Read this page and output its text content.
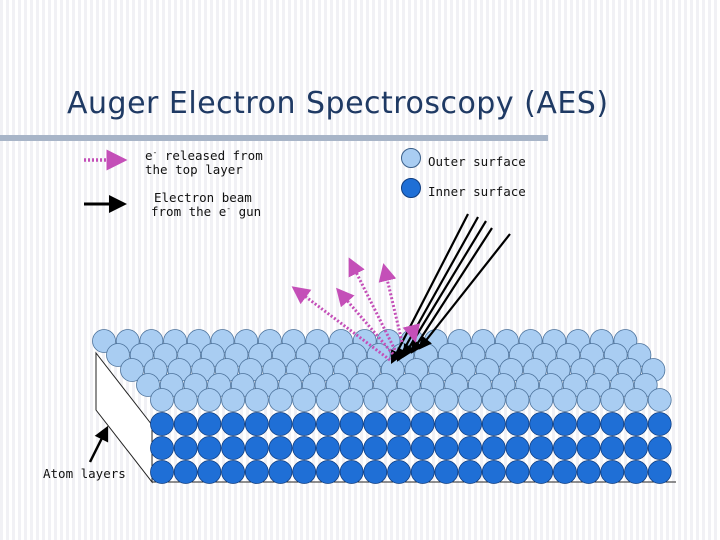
Auger Electron Spectroscopy (AES)
e- released from
the top layer
Electron beam
from the e- gun
Outer surface
Inner surface
Atom layers
